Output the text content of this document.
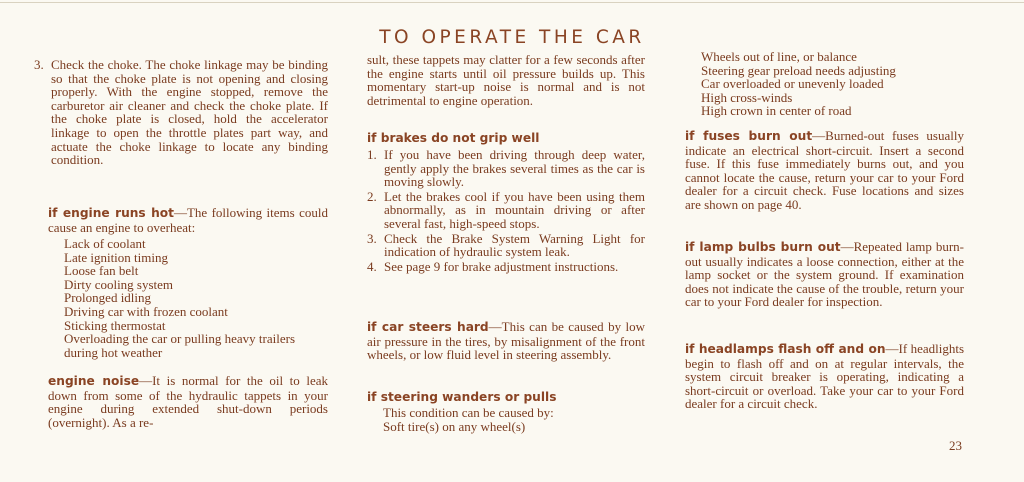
TO OPERATE THE CAR
3. Check the choke. The choke linkage may be binding so that the choke plate is not opening and closing properly. With the engine stopped, remove the carburetor air cleaner and check the choke plate. If the choke plate is closed, hold the accelerator linkage to open the throttle plates part way, and actuate the choke linkage to locate any binding condition.

if engine runs hot—The following items could cause an engine to overheat:

Lack of coolant

Late ignition timing

Loose fan belt

Dirty cooling system

Prolonged idling

Driving car with frozen coolant

Sticking thermostat

Overloading the car or pulling heavy trailers during hot weather

engine noise—It is normal for the oil to leak down from some of the hydraulic tappets in your engine during extended shut-down periods (overnight). As a re-

sult, these tappets may clatter for a few seconds after the engine starts until oil pressure builds up. This momentary start-up noise is normal and is not detrimental to engine operation.

if brakes do not grip well

1. If you have been driving through deep water, gently apply the brakes several times as the car is moving slowly.
2. Let the brakes cool if you have been using them abnormally, as in mountain driving or after several fast, high-speed stops.
3. Check the Brake System Warning Light for indication of hydraulic system leak.
4. See page 9 for brake adjustment instructions.

if car steers hard—This can be caused by low air pressure in the tires, by misalignment of the front wheels, or low fluid level in steering assembly.

if steering wanders or pulls

This condition can be caused by:

Soft tire(s) on any wheel(s)

Wheels out of line, or balance

Steering gear preload needs adjusting

Car overloaded or unevenly loaded

High cross-winds

High crown in center of road

if fuses burn out—Burned-out fuses usually indicate an electrical short-circuit. Insert a second fuse. If this fuse immediately burns out, and you cannot locate the cause, return your car to your Ford dealer for a circuit check. Fuse locations and sizes are shown on page 40.

if lamp bulbs burn out—Repeated lamp burn-out usually indicates a loose connection, either at the lamp socket or the system ground. If examination does not indicate the cause of the trouble, return your car to your Ford dealer for inspection.

if headlamps flash off and on—If headlights begin to flash off and on at regular intervals, the system circuit breaker is operating, indicating a short-circuit or overload. Take your car to your Ford dealer for a circuit check.

23
